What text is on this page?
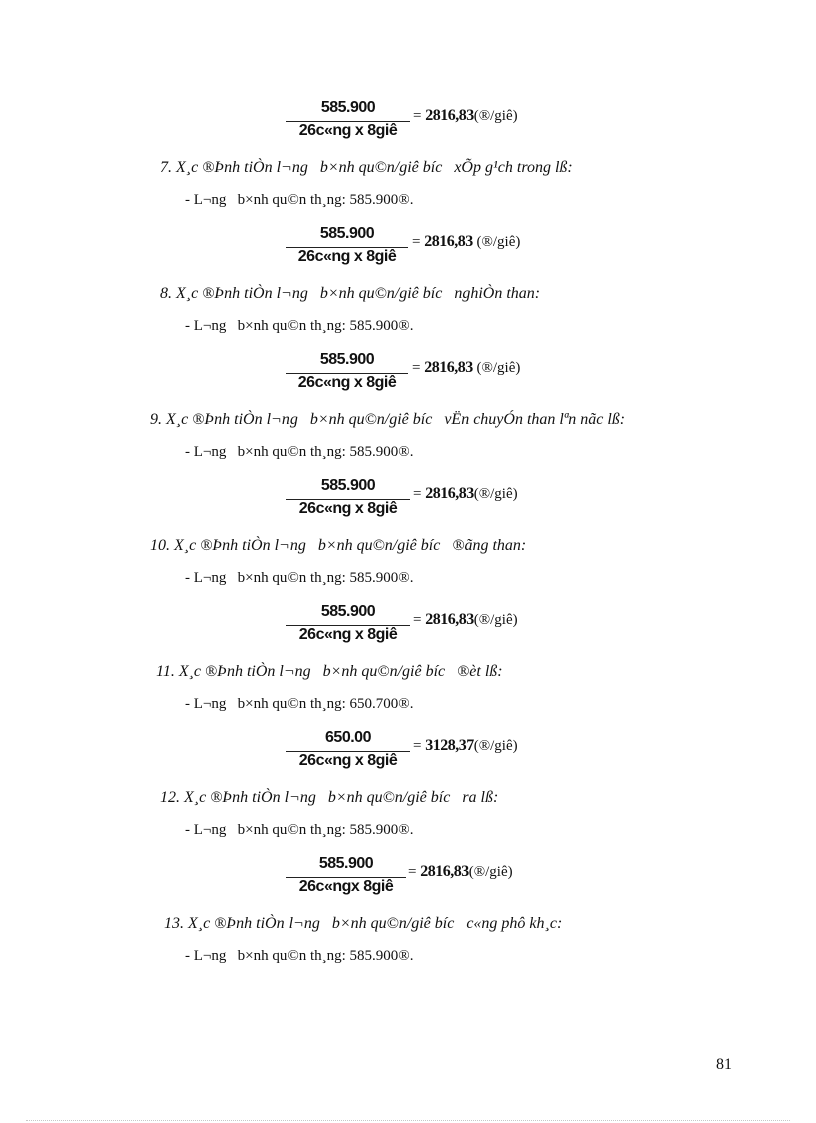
585.900
26c«ng x 8giê
= 2816,83(®/giê)
7. X¸c ®Þnh tiÒn l¬ng   b×nh qu©n/giê bíc   xÕp g¹ch trong lß:
- L¬ng   b×nh qu©n th¸ng: 585.900®.
585.900
26c«ng x 8giê
= 2816,83 (®/giê)
8. X¸c ®Þnh tiÒn l¬ng   b×nh qu©n/giê bíc   nghiÒn than:
- L¬ng   b×nh qu©n th¸ng: 585.900®.
585.900
26c«ng x 8giê
= 2816,83 (®/giê)
9. X¸c ®Þnh tiÒn l¬ng   b×nh qu©n/giê bíc   vËn chuyÓn than lªn nãc lß:
- L¬ng   b×nh qu©n th¸ng: 585.900®.
585.900
26c«ng x 8giê
= 2816,83(®/giê)
10. X¸c ®Þnh tiÒn l¬ng   b×nh qu©n/giê bíc   ®ãng than:
- L¬ng   b×nh qu©n th¸ng: 585.900®.
585.900
26c«ng x 8giê
= 2816,83(®/giê)
11. X¸c ®Þnh tiÒn l¬ng   b×nh qu©n/giê bíc   ®èt lß:
- L¬ng   b×nh qu©n th¸ng: 650.700®.
650.00
26c«ng x 8giê
= 3128,37(®/giê)
12. X¸c ®Þnh tiÒn l¬ng   b×nh qu©n/giê bíc   ra lß:
- L¬ng   b×nh qu©n th¸ng: 585.900®.
585.900
26c«ngx 8giê
= 2816,83(®/giê)
13. X¸c ®Þnh tiÒn l¬ng   b×nh qu©n/giê bíc   c«ng phô kh¸c:
- L¬ng   b×nh qu©n th¸ng: 585.900®.
81
